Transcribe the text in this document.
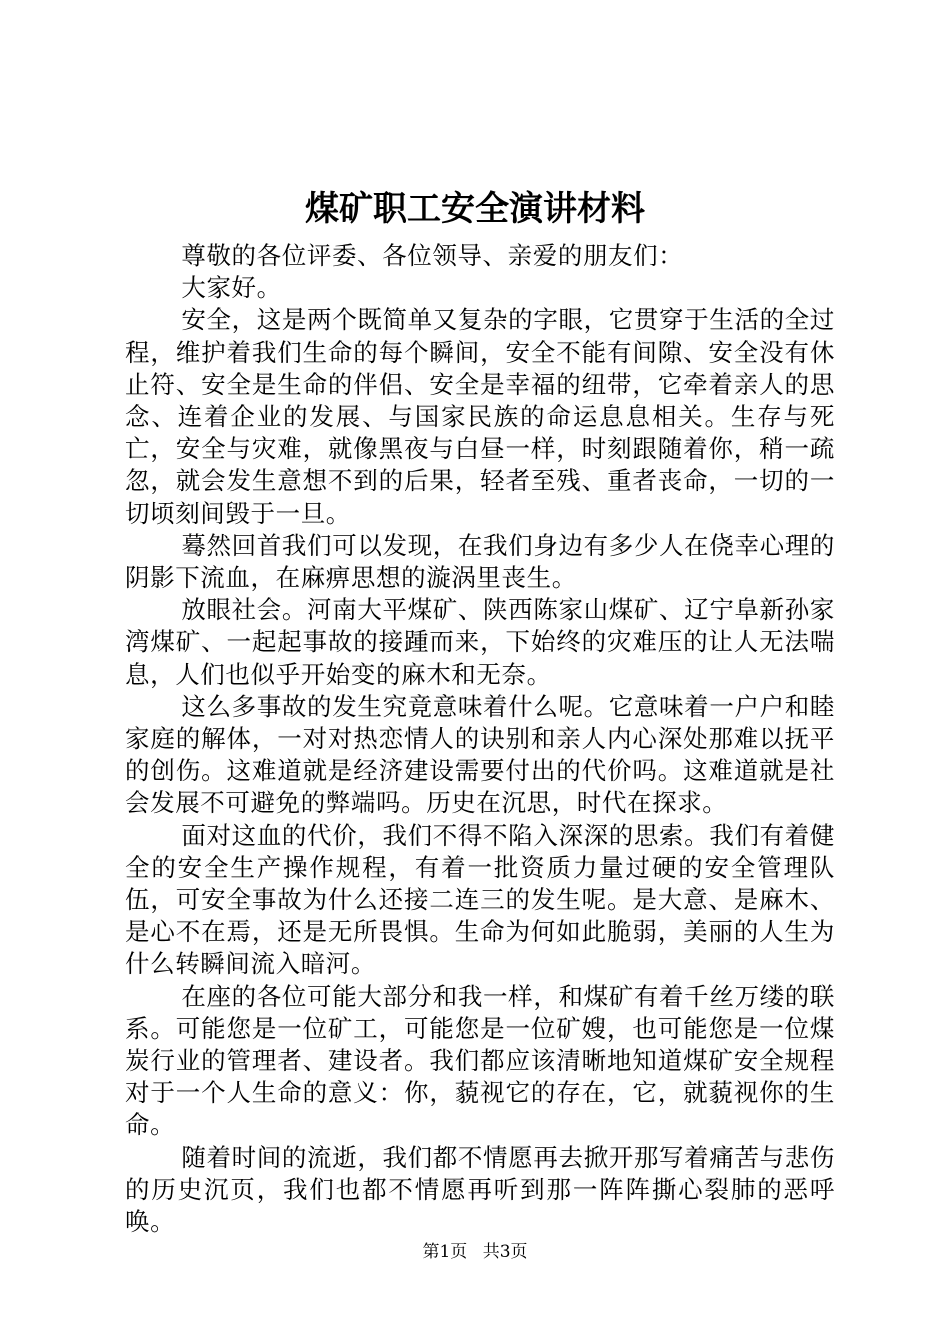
煤矿职工安全演讲材料

尊敬的各位评委、各位领导、亲爱的朋友们：

大家好。

安全，这是两个既简单又复杂的字眼，它贯穿于生活的全过程，维护着我们生命的每个瞬间，安全不能有间隙、安全没有休止符、安全是生命的伴侣、安全是幸福的纽带，它牵着亲人的思念、连着企业的发展、与国家民族的命运息息相关。生存与死亡，安全与灾难，就像黑夜与白昼一样，时刻跟随着你，稍一疏忽，就会发生意想不到的后果，轻者至残、重者丧命，一切的一切顷刻间毁于一旦。

蓦然回首我们可以发现，在我们身边有多少人在侥幸心理的阴影下流血，在麻痹思想的漩涡里丧生。

放眼社会。河南大平煤矿、陕西陈家山煤矿、辽宁阜新孙家湾煤矿、一起起事故的接踵而来，下始终的灾难压的让人无法喘息，人们也似乎开始变的麻木和无奈。

这么多事故的发生究竟意味着什么呢。它意味着一户户和睦家庭的解体，一对对热恋情人的诀别和亲人内心深处那难以抚平的创伤。这难道就是经济建设需要付出的代价吗。这难道就是社会发展不可避免的弊端吗。历史在沉思，时代在探求。

面对这血的代价，我们不得不陷入深深的思索。我们有着健全的安全生产操作规程，有着一批资质力量过硬的安全管理队伍，可安全事故为什么还接二连三的发生呢。是大意、是麻木、是心不在焉，还是无所畏惧。生命为何如此脆弱，美丽的人生为什么转瞬间流入暗河。

在座的各位可能大部分和我一样，和煤矿有着千丝万缕的联系。可能您是一位矿工，可能您是一位矿嫂，也可能您是一位煤炭行业的管理者、建设者。我们都应该清晰地知道煤矿安全规程对于一个人生命的意义：你，藐视它的存在，它，就藐视你的生命。

随着时间的流逝，我们都不情愿再去掀开那写着痛苦与悲伤的历史沉页，我们也都不情愿再听到那一阵阵撕心裂肺的恶呼唤。

第1页 共3页
